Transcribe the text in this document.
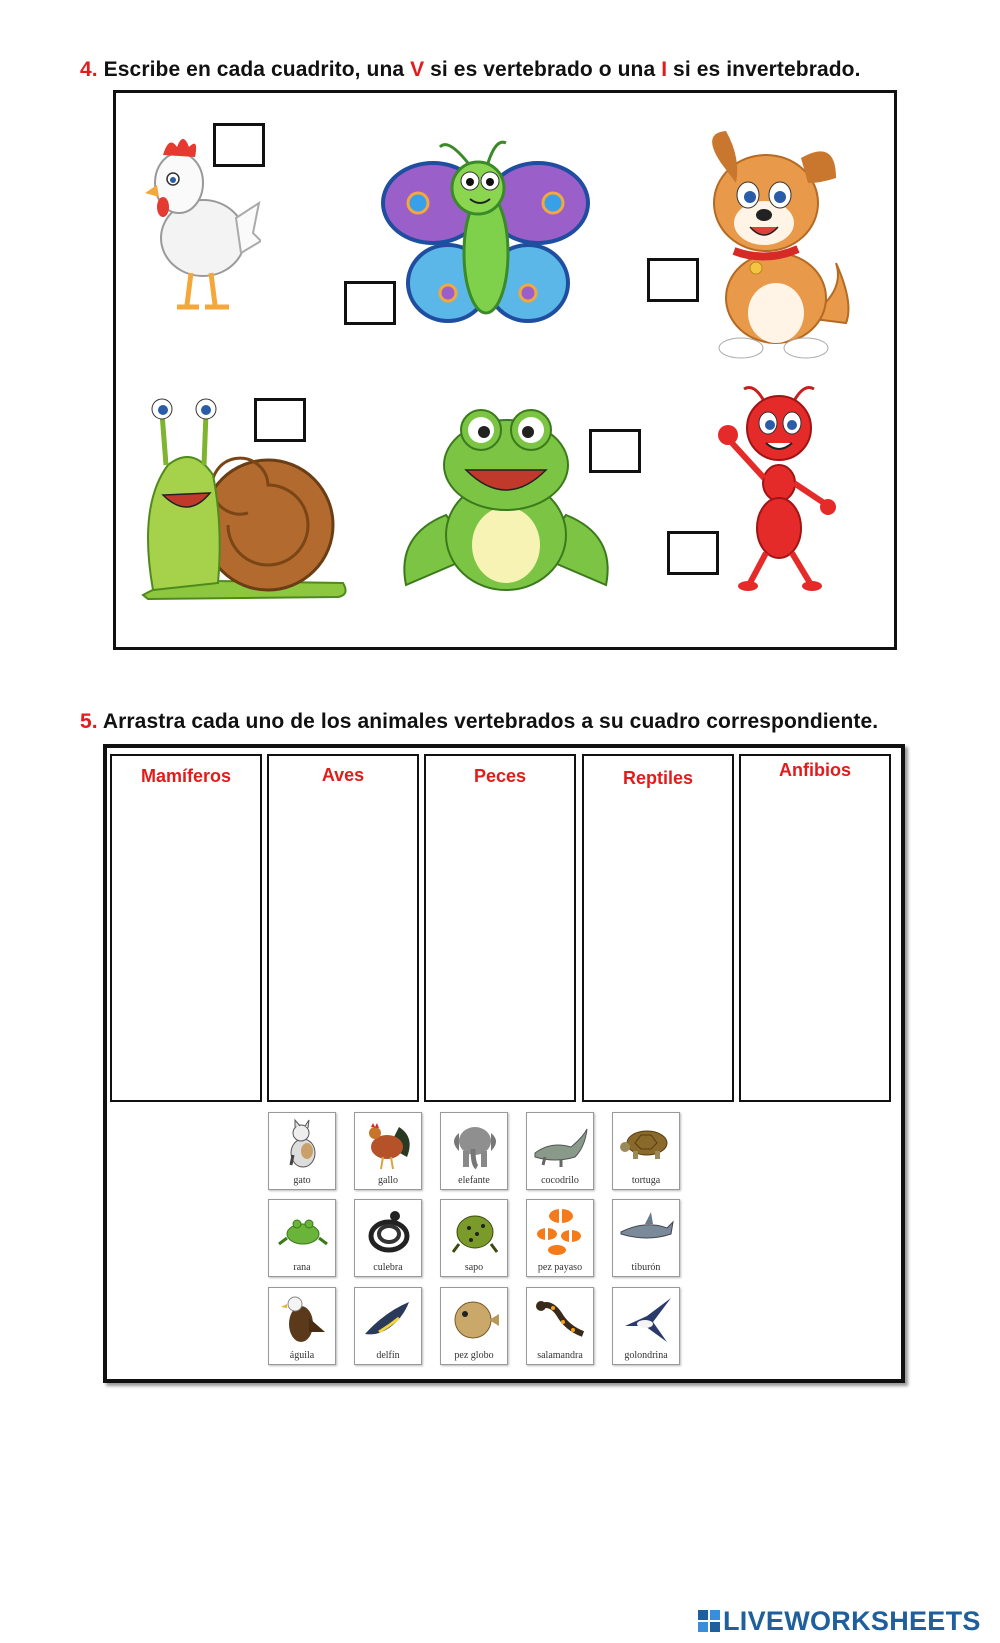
4. Escribe en cada cuadrito, una V si es vertebrado o una I si es invertebrado.
5. Arrastra cada uno de los animales vertebrados a su cuadro correspondiente.
Mamíferos	Aves	Peces	Reptiles	Anfibios
gato	gallo	elefante	cocodrilo	tortuga
rana	culebra	sapo	pez payaso	tiburón
águila	delfín	pez globo	salamandra	golondrina
LIVEWORKSHEETS
